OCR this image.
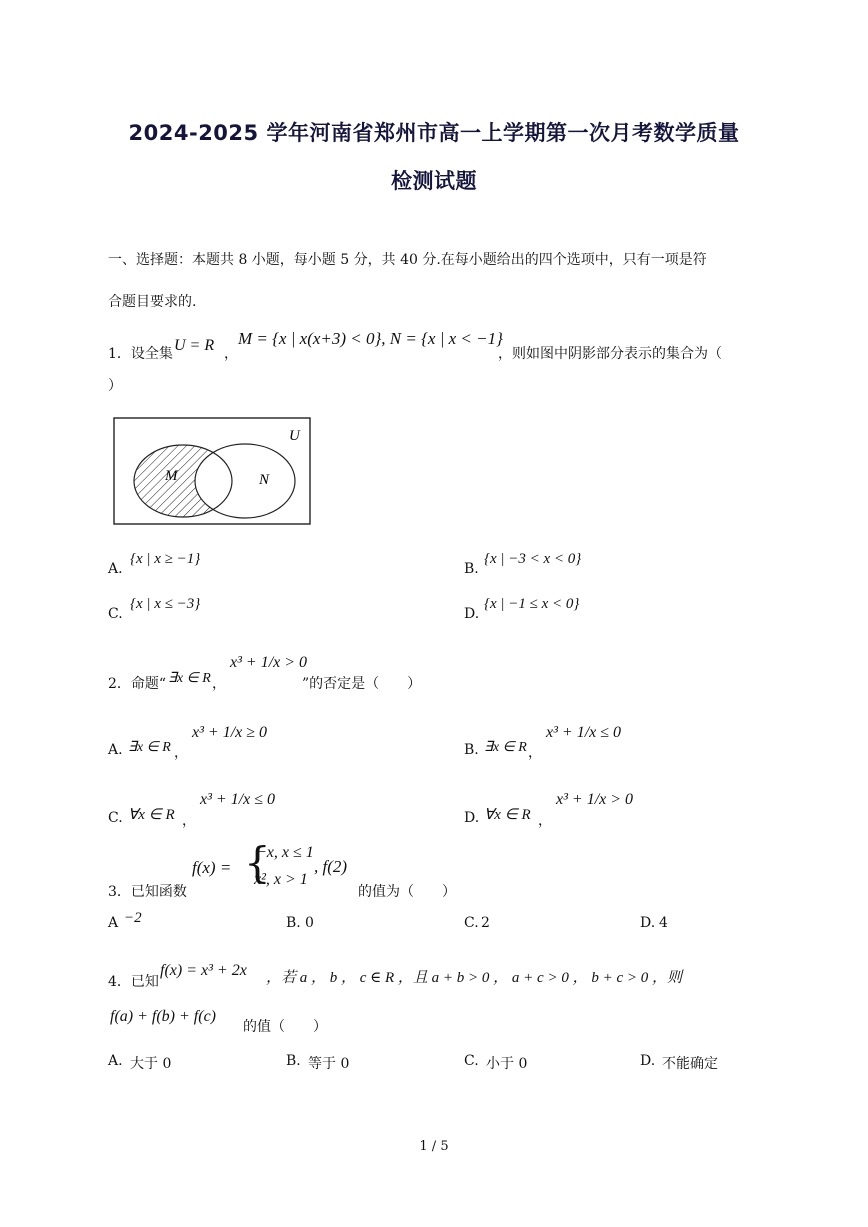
2024-2025 学年河南省郑州市高一上学期第一次月考数学质量
检测试题
一、选择题：本题共 8 小题，每小题 5 分，共 40 分.在每小题给出的四个选项中，只有一项是符
合题目要求的.
1．设全集 U = R ，
M = {x | x(x+3) < 0}, N = {x | x < −1}
，则如图中阴影部分表示的集合为（
）
U
M	N
A.
{x | x ≥ −1}
B.
{x | −3 < x < 0}
C.
{x | x ≤ −3}
D.
{x | −1 ≤ x < 0}
2．命题“ ∃x ∈ R ，
x³ + 1/x > 0
”的否定是（　　）
A. ∃x ∈ R ，
x³ + 1/x ≥ 0
B. ∃x ∈ R ，
x³ + 1/x ≤ 0
C. ∀x ∈ R ，
x³ + 1/x ≤ 0
D. ∀x ∈ R ，
x³ + 1/x > 0
3．已知函数
f(x) = {
−x, x ≤ 1
x², x > 1
, f(2)
的值为（　　）
A −2	B. 0	C. 2	D. 4
4．已知
f(x) = x³ + 2x ，若 a ， b ， c ∈ R ，且 a + b > 0 ， a + c > 0 ， b + c > 0 ，则
f(a) + f(b) + f(c)
的值（　　）
A. 大于 0	B. 等于 0	C. 小于 0	D. 不能确定
1 / 5
